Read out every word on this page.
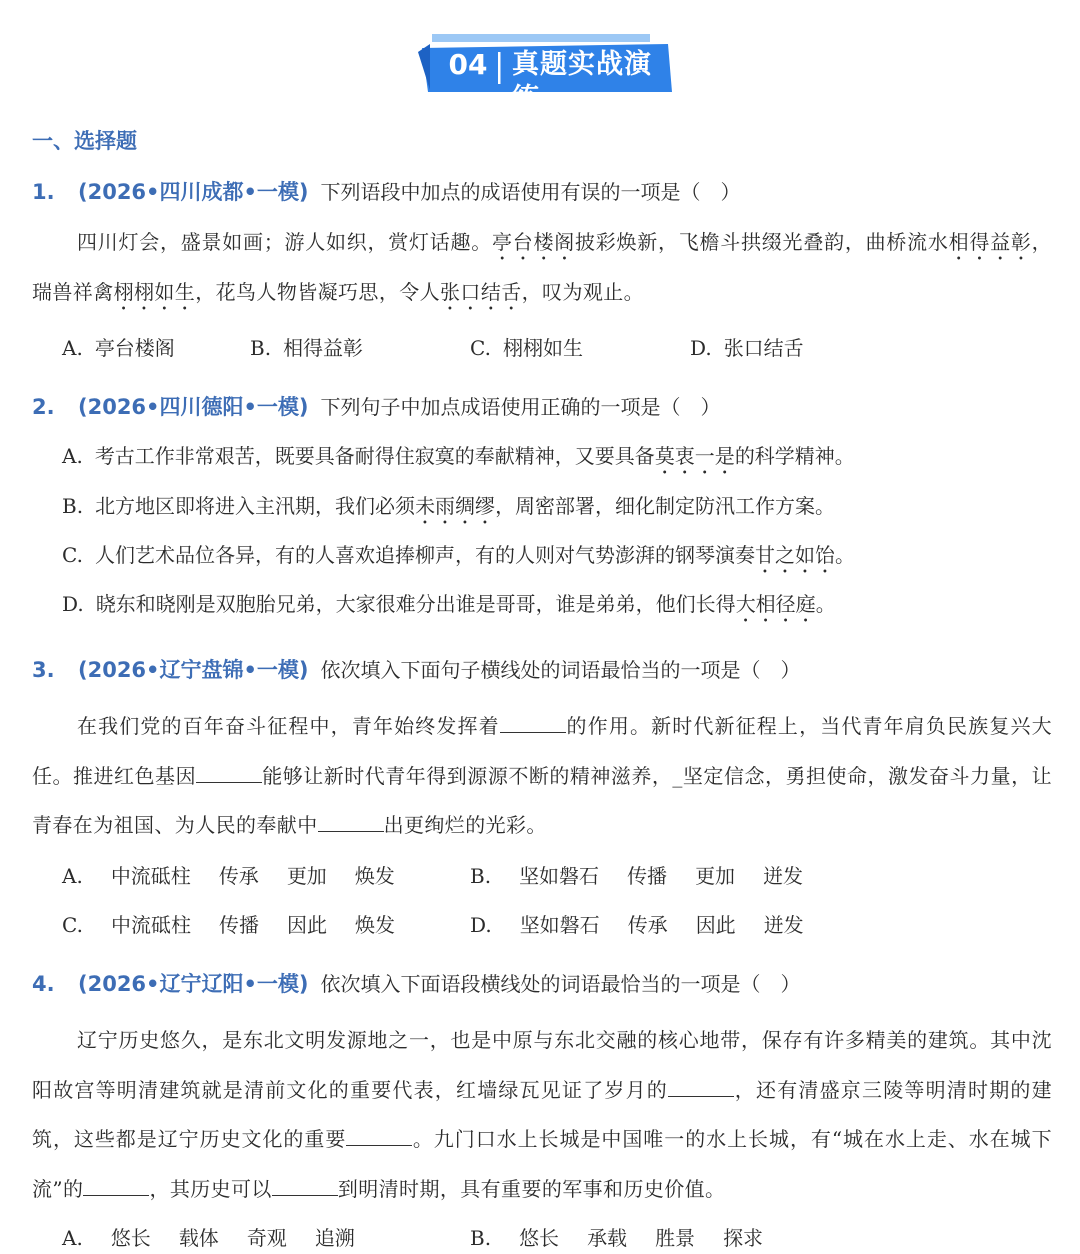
04 真题实战演练
一、选择题
1. (2026•四川成都•一模) 下列语段中加点的成语使用有误的一项是（　）
四川灯会，盛景如画；游人如织，赏灯话趣。亭台楼阁披彩焕新，飞檐斗拱缀光叠韵，曲桥流水相得益彰，瑞兽祥禽栩栩如生，花鸟人物皆凝巧思，令人张口结舌，叹为观止。
A. 亭台楼阁	B. 相得益彰	C. 栩栩如生	D. 张口结舌
2. (2026•四川德阳•一模) 下列句子中加点成语使用正确的一项是（　）
A. 考古工作非常艰苦，既要具备耐得住寂寞的奉献精神，又要具备莫衷一是的科学精神。
B. 北方地区即将进入主汛期，我们必须未雨绸缪，周密部署，细化制定防汛工作方案。
C. 人们艺术品位各异，有的人喜欢追捧柳声，有的人则对气势澎湃的钢琴演奏甘之如饴。
D. 晓东和晓刚是双胞胎兄弟，大家很难分出谁是哥哥，谁是弟弟，他们长得大相径庭。
3. (2026•辽宁盘锦•一模) 依次填入下面句子横线处的词语最恰当的一项是（　）
在我们党的百年奋斗征程中，青年始终发挥着	的作用。新时代新征程上，当代青年肩负民族复兴大任。推进红色基因	能够让新时代青年得到源源不断的精神滋养，_坚定信念，勇担使命，激发奋斗力量，让青春在为祖国、为人民的奉献中	出更绚烂的光彩。
A. 中流砥柱 传承 更加 焕发	B. 坚如磐石 传播 更加 迸发
C. 中流砥柱 传播 因此 焕发	D. 坚如磐石 传承 因此 迸发
4. (2026•辽宁辽阳•一模) 依次填入下面语段横线处的词语最恰当的一项是（　）
辽宁历史悠久，是东北文明发源地之一，也是中原与东北交融的核心地带，保存有许多精美的建筑。其中沈阳故宫等明清建筑就是清前文化的重要代表，红墙绿瓦见证了岁月的	，还有清盛京三陵等明清时期的建筑，这些都是辽宁历史文化的重要	。九门口水上长城是中国唯一的水上长城，有“城在水上走、水在城下流”的	，其历史可以	到明清时期，具有重要的军事和历史价值。
A. 悠长 载体 奇观 追溯	B. 悠长 承载 胜景 探求
